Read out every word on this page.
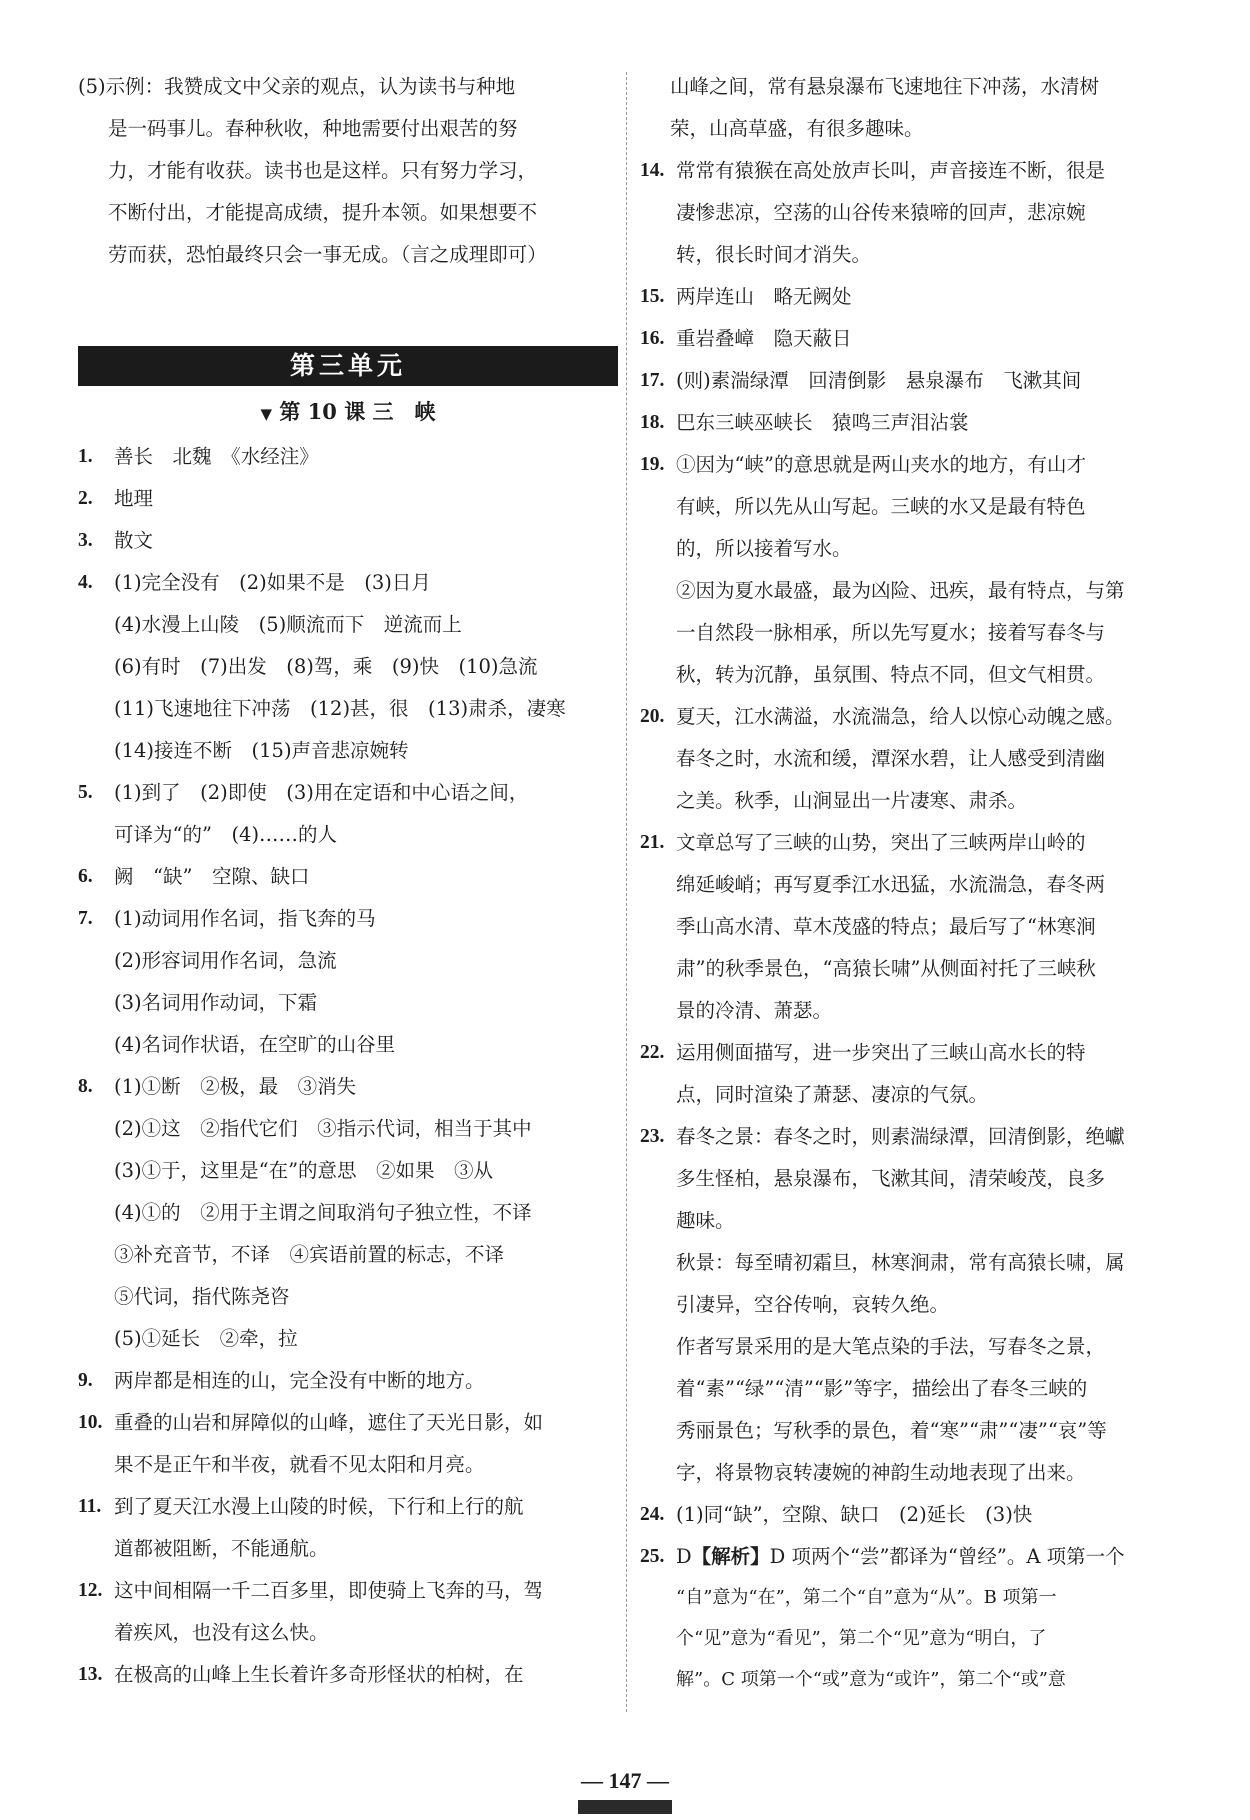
(5)示例：我赞成文中父亲的观点，认为读书与种地

是一码事儿。春种秋收，种地需要付出艰苦的努

力，才能有收获。读书也是这样。只有努力学习，

不断付出，才能提高成绩，提升本领。如果想要不

劳而获，恐怕最终只会一事无成。（言之成理即可）

第三单元

▼ 第 10 课 三　峡

1. 善长　北魏　《水经注》
2. 地理
3. 散文
4. (1)完全没有　(2)如果不是　(3)日月
(4)水漫上山陵　(5)顺流而下　逆流而上
(6)有时　(7)出发　(8)驾，乘　(9)快　(10)急流
(11)飞速地往下冲荡　(12)甚，很　(13)肃杀，凄寒
(14)接连不断　(15)声音悲凉婉转
5. (1)到了　(2)即使　(3)用在定语和中心语之间，
可译为“的”　(4)……的人
6. 阙　“缺”　空隙、缺口
7. (1)动词用作名词，指飞奔的马
(2)形容词用作名词，急流
(3)名词用作动词，下霜
(4)名词作状语，在空旷的山谷里
8. (1)①断　②极，最　③消失
(2)①这　②指代它们　③指示代词，相当于其中
(3)①于，这里是“在”的意思　②如果　③从
(4)①的　②用于主谓之间取消句子独立性，不译
③补充音节，不译　④宾语前置的标志，不译
⑤代词，指代陈尧咨
(5)①延长　②牵，拉
9. 两岸都是相连的山，完全没有中断的地方。
10. 重叠的山岩和屏障似的山峰，遮住了天光日影，如
果不是正午和半夜，就看不见太阳和月亮。
11. 到了夏天江水漫上山陵的时候，下行和上行的航
道都被阻断，不能通航。
12. 这中间相隔一千二百多里，即使骑上飞奔的马，驾
着疾风，也没有这么快。
13. 在极高的山峰上生长着许多奇形怪状的柏树，在

山峰之间，常有悬泉瀑布飞速地往下冲荡，水清树

荣，山高草盛，有很多趣味。

14. 常常有猿猴在高处放声长叫，声音接连不断，很是
凄惨悲凉，空荡的山谷传来猿啼的回声，悲凉婉
转，很长时间才消失。
15. 两岸连山　略无阙处
16. 重岩叠嶂　隐天蔽日
17. (则)素湍绿潭　回清倒影　悬泉瀑布　飞漱其间
18. 巴东三峡巫峡长　猿鸣三声泪沾裳
19. ①因为“峡”的意思就是两山夹水的地方，有山才
有峡，所以先从山写起。三峡的水又是最有特色
的，所以接着写水。
②因为夏水最盛，最为凶险、迅疾，最有特点，与第
一自然段一脉相承，所以先写夏水；接着写春冬与
秋，转为沉静，虽氛围、特点不同，但文气相贯。
20. 夏天，江水满溢，水流湍急，给人以惊心动魄之感。
春冬之时，水流和缓，潭深水碧，让人感受到清幽
之美。秋季，山涧显出一片凄寒、肃杀。
21. 文章总写了三峡的山势，突出了三峡两岸山岭的
绵延峻峭；再写夏季江水迅猛，水流湍急，春冬两
季山高水清、草木茂盛的特点；最后写了“林寒涧
肃”的秋季景色，“高猿长啸”从侧面衬托了三峡秋
景的冷清、萧瑟。
22. 运用侧面描写，进一步突出了三峡山高水长的特
点，同时渲染了萧瑟、凄凉的气氛。
23. 春冬之景：春冬之时，则素湍绿潭，回清倒影，绝巘
多生怪柏，悬泉瀑布，飞漱其间，清荣峻茂，良多
趣味。
秋景：每至晴初霜旦，林寒涧肃，常有高猿长啸，属
引凄异，空谷传响，哀转久绝。
作者写景采用的是大笔点染的手法，写春冬之景，
着“素”“绿”“清”“影”等字，描绘出了春冬三峡的
秀丽景色；写秋季的景色，着“寒”“肃”“凄”“哀”等
字，将景物哀转凄婉的神韵生动地表现了出来。
24. (1)同“缺”，空隙、缺口　(2)延长　(3)快
25. D【解析】D 项两个“尝”都译为“曾经”。A 项第一个
“自”意为“在”，第二个“自”意为“从”。B 项第一
个“见”意为“看见”，第二个“见”意为“明白，了
解”。C 项第一个“或”意为“或许”，第二个“或”意
— 147 —
